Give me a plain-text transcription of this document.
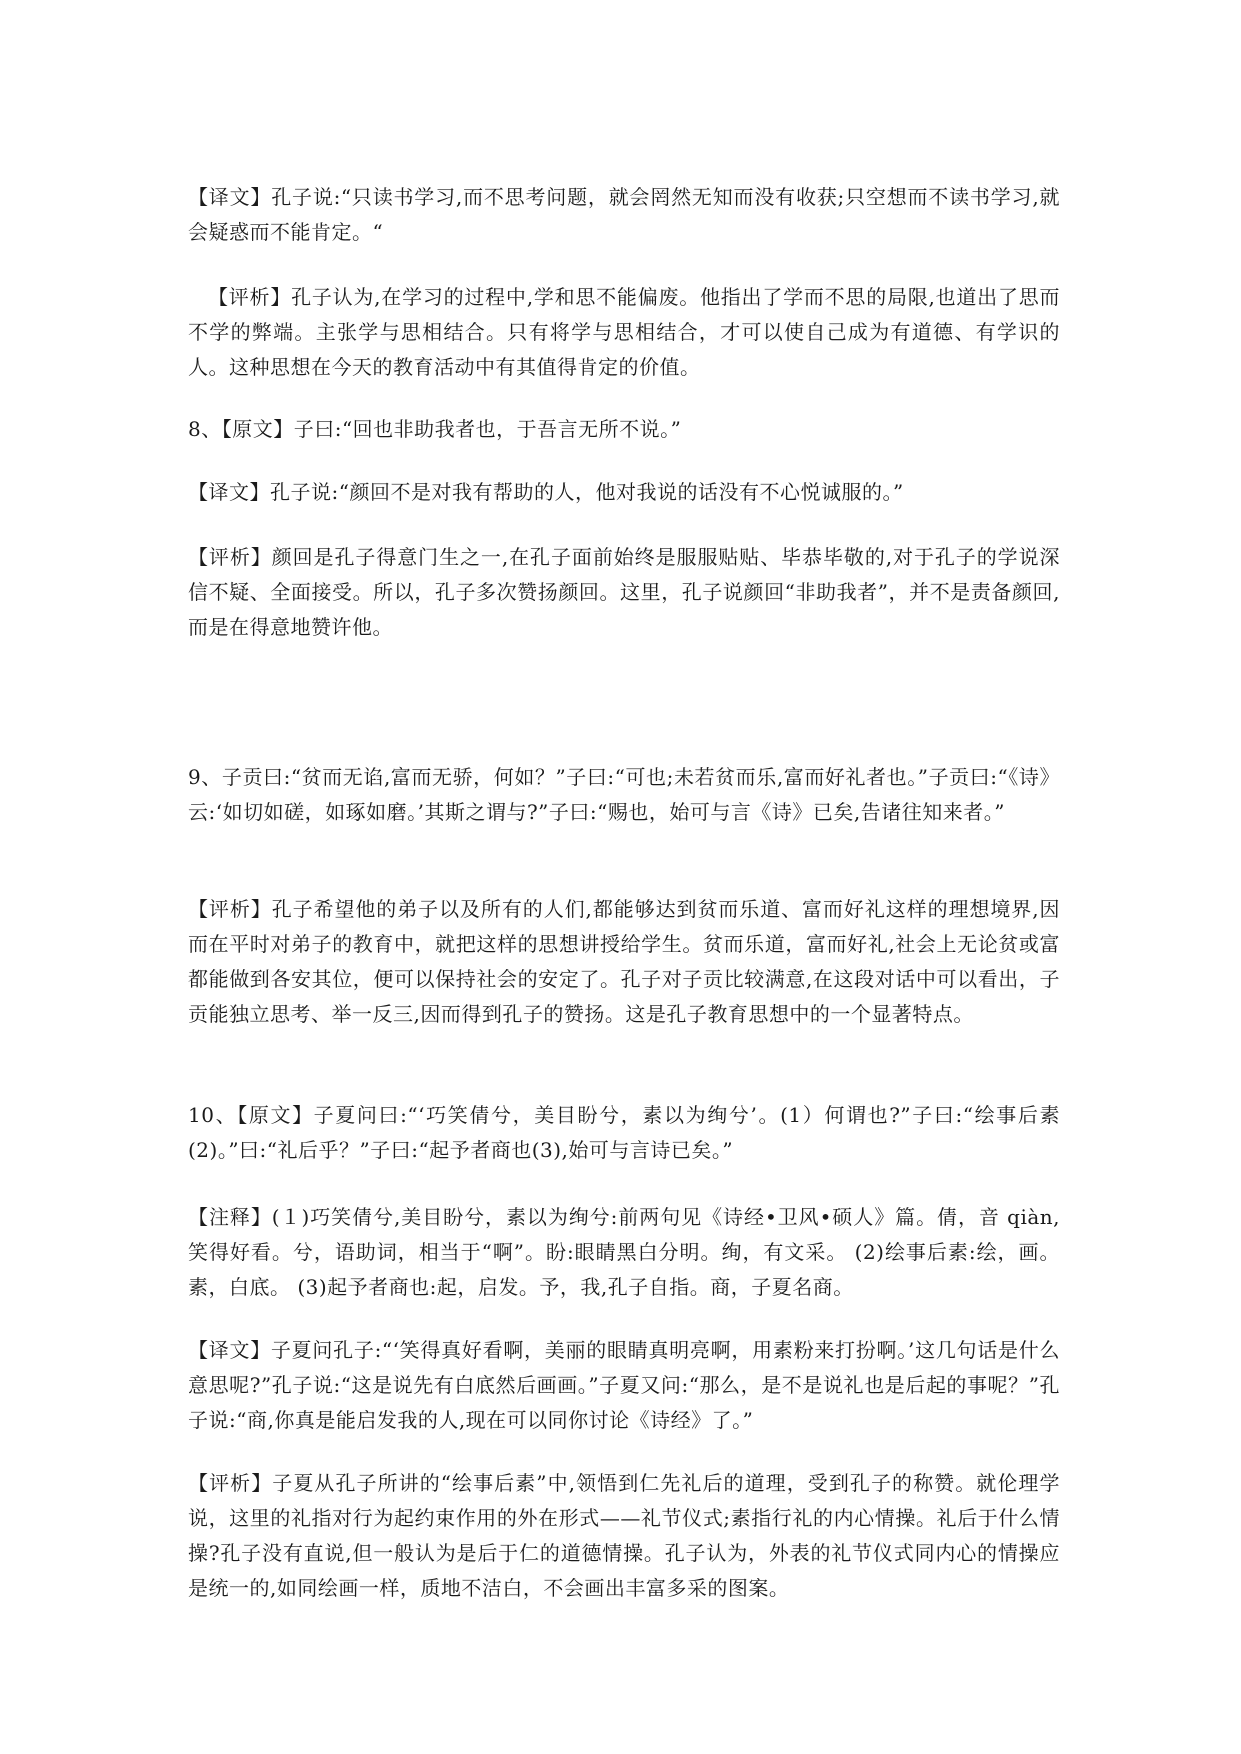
【译文】孔子说:“只读书学习,而不思考问题，就会罔然无知而没有收获;只空想而不读书学习,就会疑惑而不能肯定。“

【评析】孔子认为,在学习的过程中,学和思不能偏废。他指出了学而不思的局限,也道出了思而不学的弊端。主张学与思相结合。只有将学与思相结合，才可以使自己成为有道德、有学识的人。这种思想在今天的教育活动中有其值得肯定的价值。

8、【原文】子曰:“回也非助我者也，于吾言无所不说。”

【译文】孔子说:“颜回不是对我有帮助的人，他对我说的话没有不心悦诚服的。”

【评析】颜回是孔子得意门生之一,在孔子面前始终是服服贴贴、毕恭毕敬的,对于孔子的学说深信不疑、全面接受。所以，孔子多次赞扬颜回。这里，孔子说颜回“非助我者”，并不是责备颜回,而是在得意地赞许他。

9、子贡曰:“贫而无谄,富而无骄，何如？”子曰:“可也;未若贫而乐,富而好礼者也。”子贡曰:“《诗》云:‘如切如磋，如琢如磨。’其斯之谓与?”子曰:“赐也，始可与言《诗》已矣,告诸往知来者。”

【评析】孔子希望他的弟子以及所有的人们,都能够达到贫而乐道、富而好礼这样的理想境界,因而在平时对弟子的教育中，就把这样的思想讲授给学生。贫而乐道，富而好礼,社会上无论贫或富都能做到各安其位，便可以保持社会的安定了。孔子对子贡比较满意,在这段对话中可以看出，子贡能独立思考、举一反三,因而得到孔子的赞扬。这是孔子教育思想中的一个显著特点。

10、【原文】子夏问曰:“‘巧笑倩兮，美目盼兮，素以为绚兮’。(1）何谓也?”子曰:“绘事后素(2)。”曰:“礼后乎？”子曰:“起予者商也(3),始可与言诗已矣。”

【注释】(１)巧笑倩兮,美目盼兮，素以为绚兮:前两句见《诗经•卫风•硕人》篇。倩，音 qiàn,笑得好看。兮，语助词，相当于“啊”。盼:眼睛黑白分明。绚，有文采。 (2)绘事后素:绘，画。素，白底。 (3)起予者商也:起，启发。予，我,孔子自指。商，子夏名商。

【译文】子夏问孔子:“‘笑得真好看啊，美丽的眼睛真明亮啊，用素粉来打扮啊。’这几句话是什么意思呢?”孔子说:“这是说先有白底然后画画。”子夏又问:“那么，是不是说礼也是后起的事呢？”孔子说:“商,你真是能启发我的人,现在可以同你讨论《诗经》了。”

【评析】子夏从孔子所讲的“绘事后素”中,领悟到仁先礼后的道理，受到孔子的称赞。就伦理学说，这里的礼指对行为起约束作用的外在形式——礼节仪式;素指行礼的内心情操。礼后于什么情操?孔子没有直说,但一般认为是后于仁的道德情操。孔子认为，外表的礼节仪式同内心的情操应是统一的,如同绘画一样，质地不洁白，不会画出丰富多采的图案。
